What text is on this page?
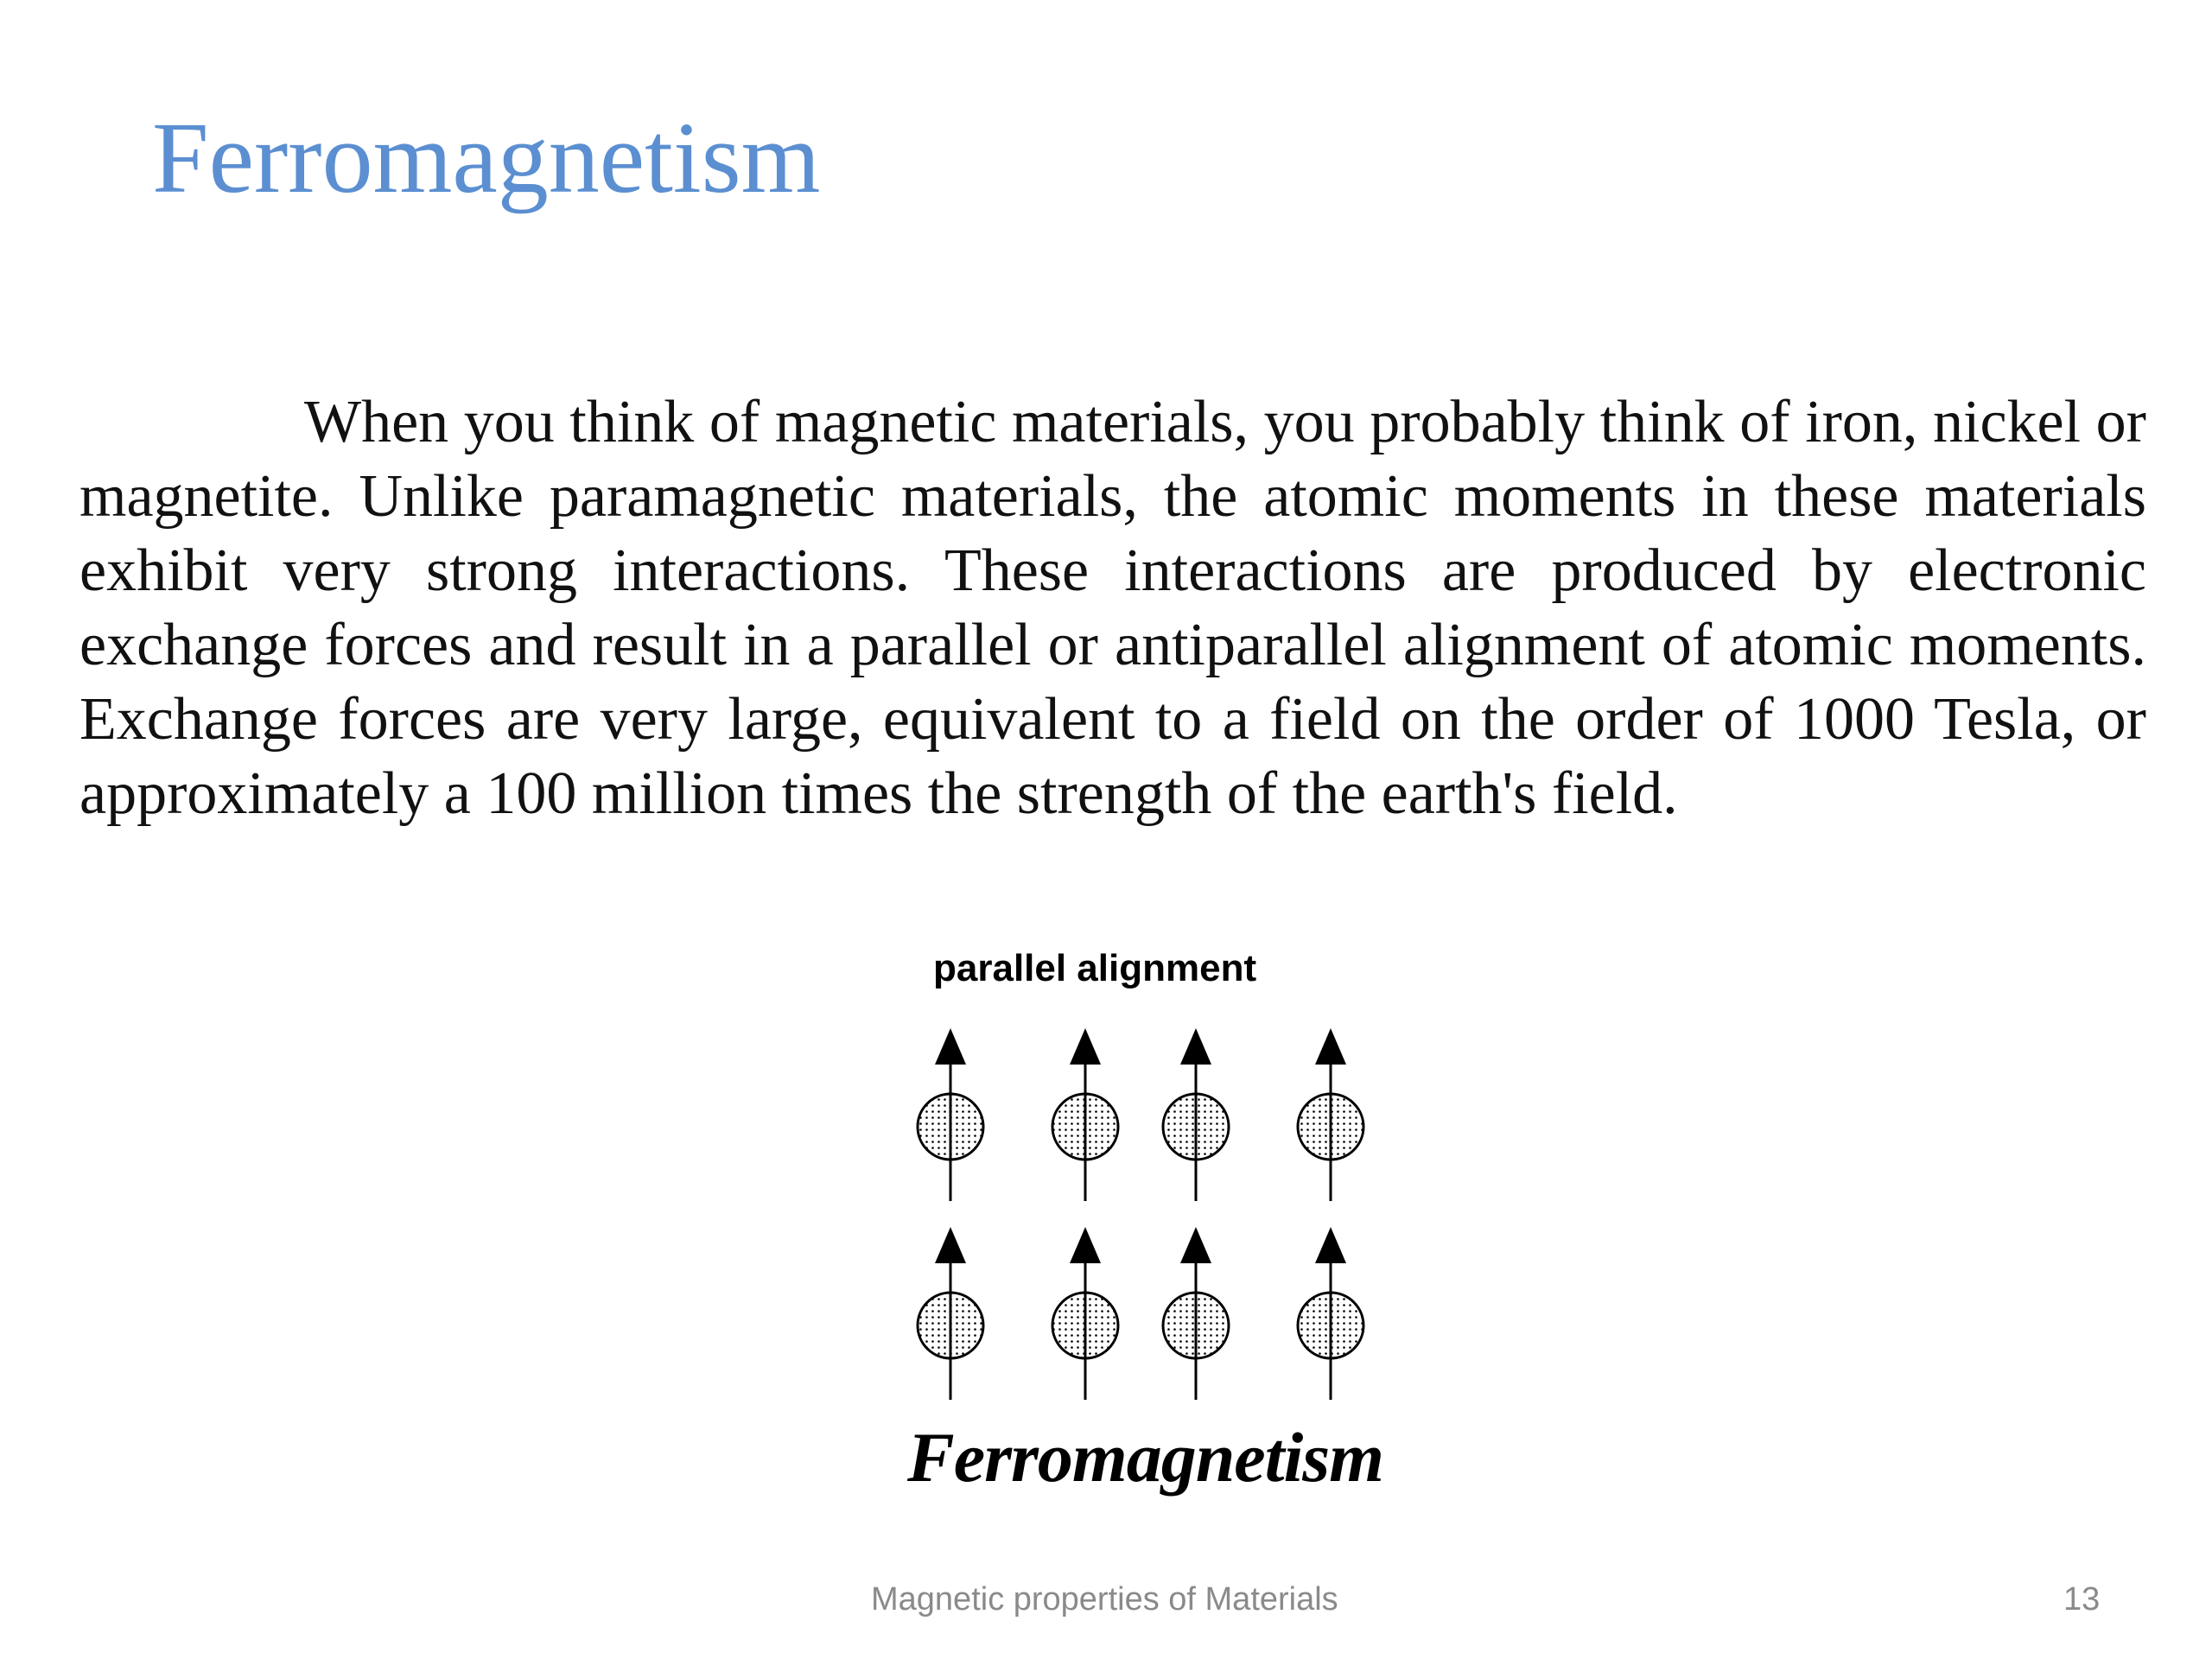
Ferromagnetism

When you think of magnetic materials, you probably think of iron, nickel or magnetite. Unlike paramagnetic materials, the atomic moments in these materials exhibit very strong interactions. These interactions are produced by electronic exchange forces and result in a parallel or antiparallel alignment of atomic moments. Exchange forces are very large, equivalent to a field on the order of 1000 Tesla, or approximately a 100 million times the strength of the earth's field.

parallel alignment
Ferromagnetism
Magnetic properties of Materials	13
